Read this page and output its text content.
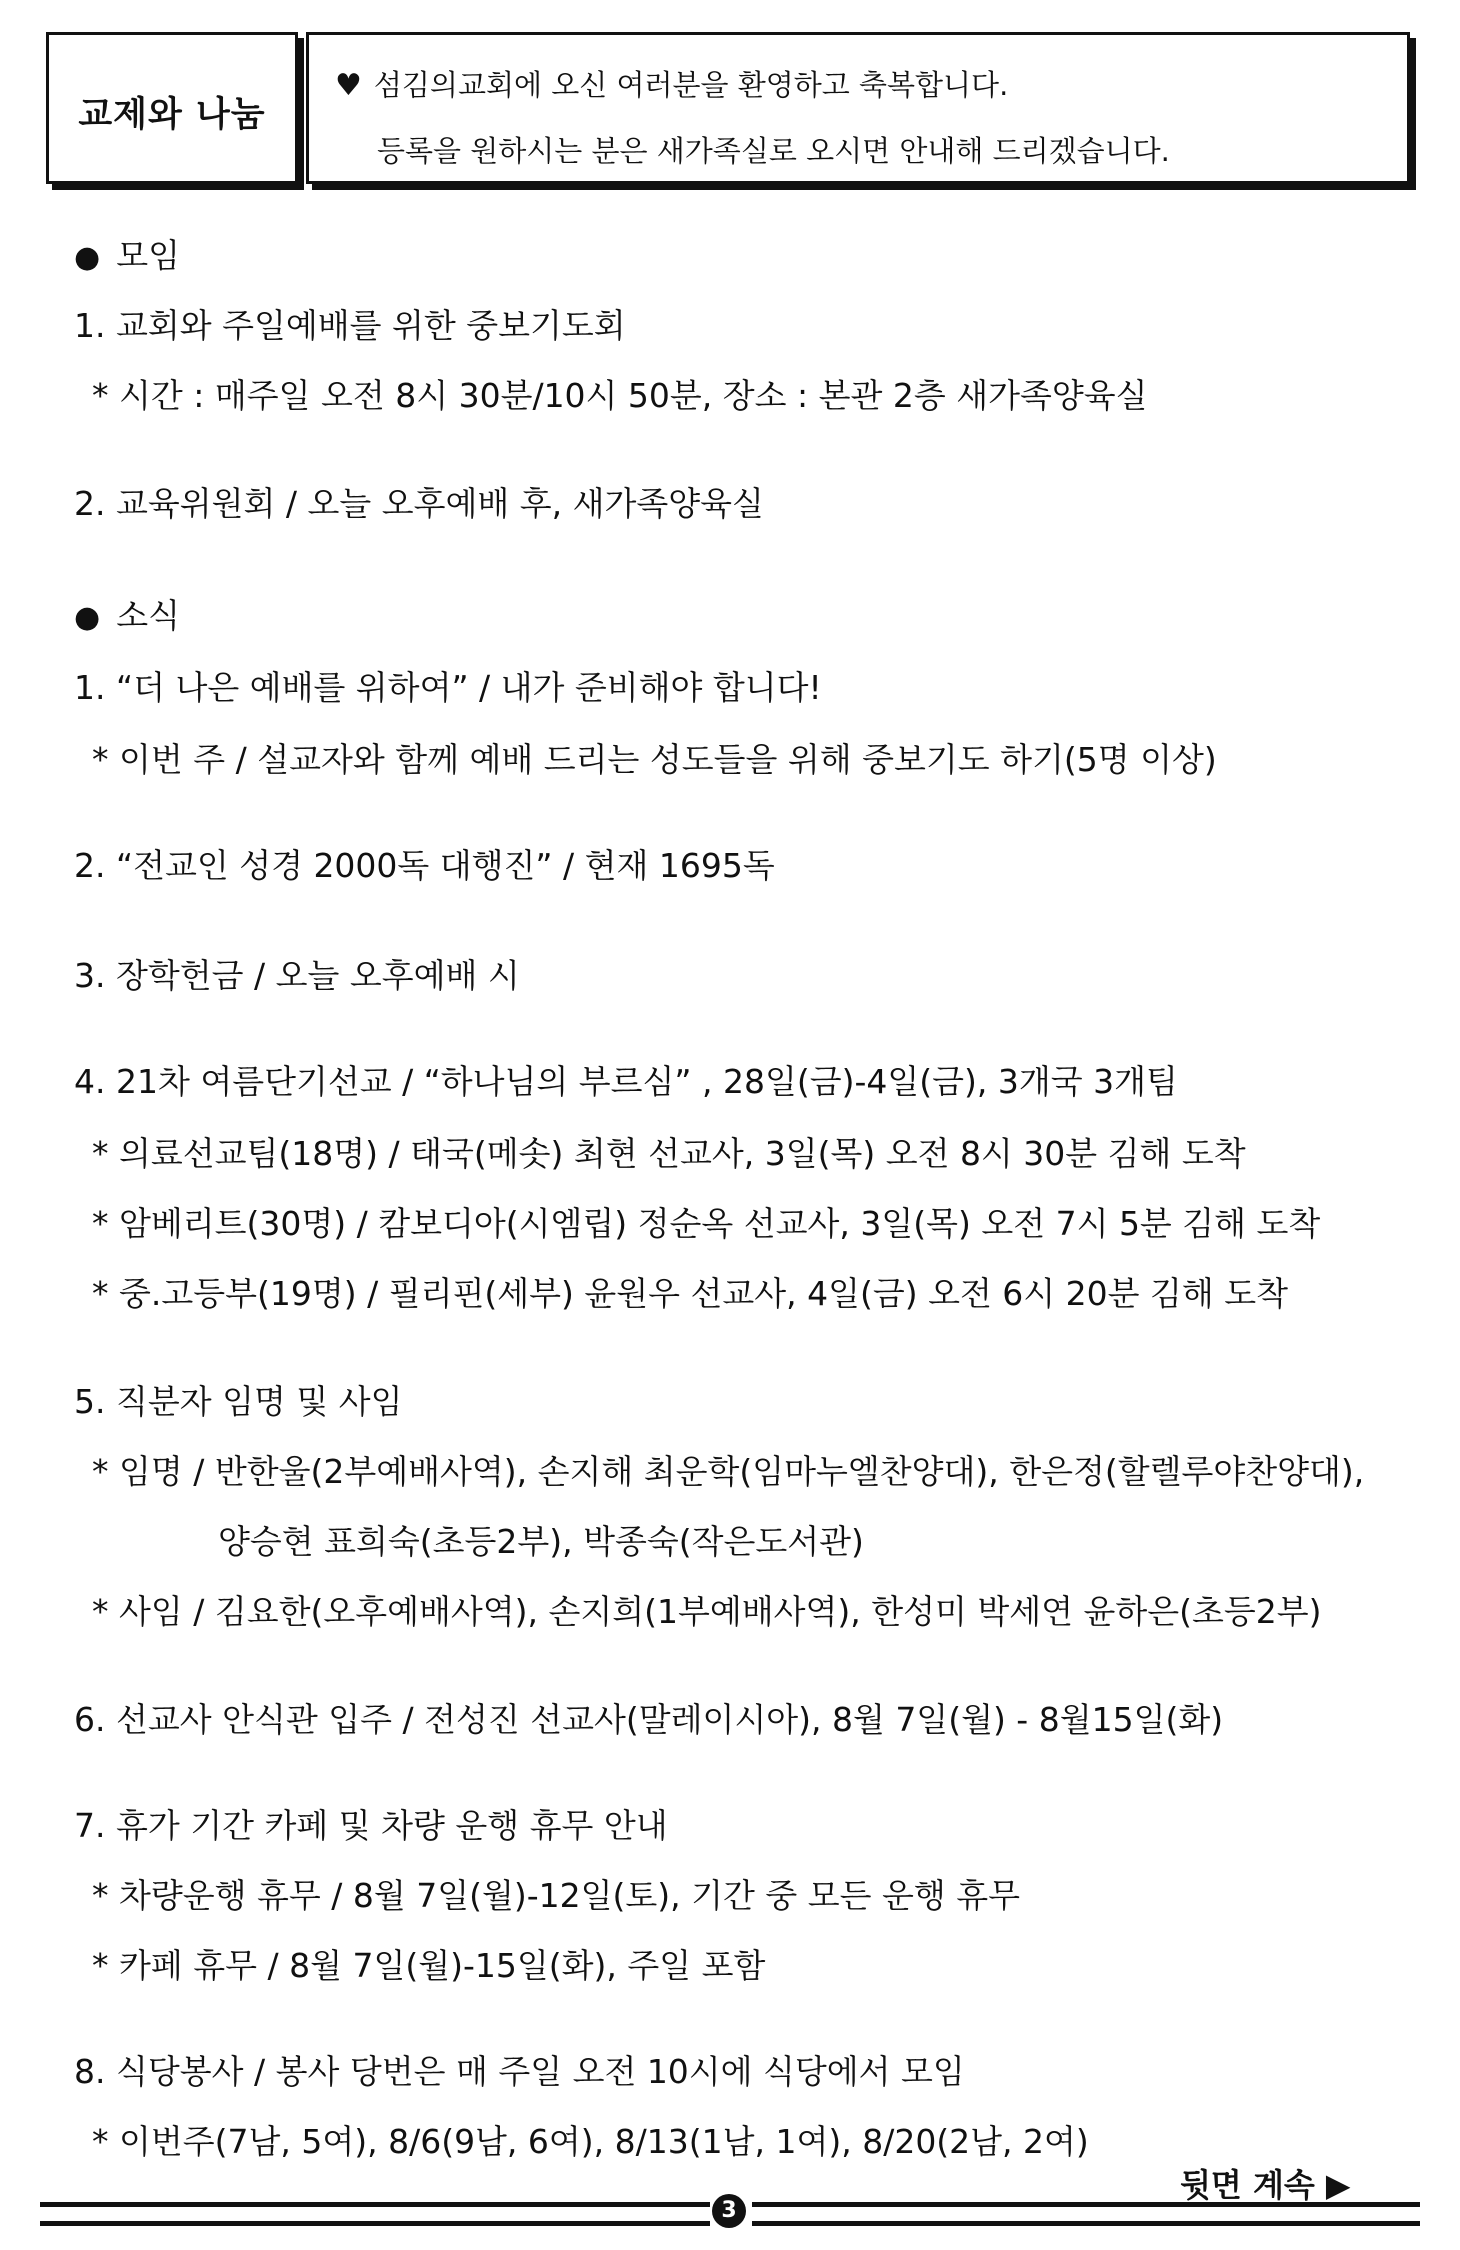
교제와 나눔
♥ 섬김의교회에 오신 여러분을 환영하고 축복합니다.
등록을 원하시는 분은 새가족실로 오시면 안내해 드리겠습니다.
● 모임
1. 교회와 주일예배를 위한 중보기도회
* 시간 : 매주일 오전 8시 30분/10시 50분, 장소 : 본관 2층 새가족양육실
2. 교육위원회 / 오늘 오후예배 후, 새가족양육실
● 소식
1. “더 나은 예배를 위하여” / 내가 준비해야 합니다!
* 이번 주 / 설교자와 함께 예배 드리는 성도들을 위해 중보기도 하기(5명 이상)
2. “전교인 성경 2000독 대행진” / 현재 1695독
3. 장학헌금 / 오늘 오후예배 시
4. 21차 여름단기선교 / “하나님의 부르심” , 28일(금)-4일(금), 3개국 3개팀
* 의료선교팀(18명) / 태국(메솟) 최현 선교사, 3일(목) 오전 8시 30분 김해 도착
* 암베리트(30명) / 캄보디아(시엠립) 정순옥 선교사, 3일(목) 오전 7시 5분 김해 도착
* 중.고등부(19명) / 필리핀(세부) 윤원우 선교사, 4일(금) 오전 6시 20분 김해 도착
5. 직분자 임명 및 사임
* 임명 / 반한울(2부예배사역), 손지해 최운학(임마누엘찬양대), 한은정(할렐루야찬양대),
양승현 표희숙(초등2부), 박종숙(작은도서관)
* 사임 / 김요한(오후예배사역), 손지희(1부예배사역), 한성미 박세연 윤하은(초등2부)
6. 선교사 안식관 입주 / 전성진 선교사(말레이시아), 8월 7일(월) - 8월15일(화)
7. 휴가 기간 카페 및 차량 운행 휴무 안내
* 차량운행 휴무 / 8월 7일(월)-12일(토), 기간 중 모든 운행 휴무
* 카페 휴무 / 8월 7일(월)-15일(화), 주일 포함
8. 식당봉사 / 봉사 당번은 매 주일 오전 10시에 식당에서 모임
* 이번주(7남, 5여), 8/6(9남, 6여), 8/13(1남, 1여), 8/20(2남, 2여)
뒷면 계속 ▶
3
